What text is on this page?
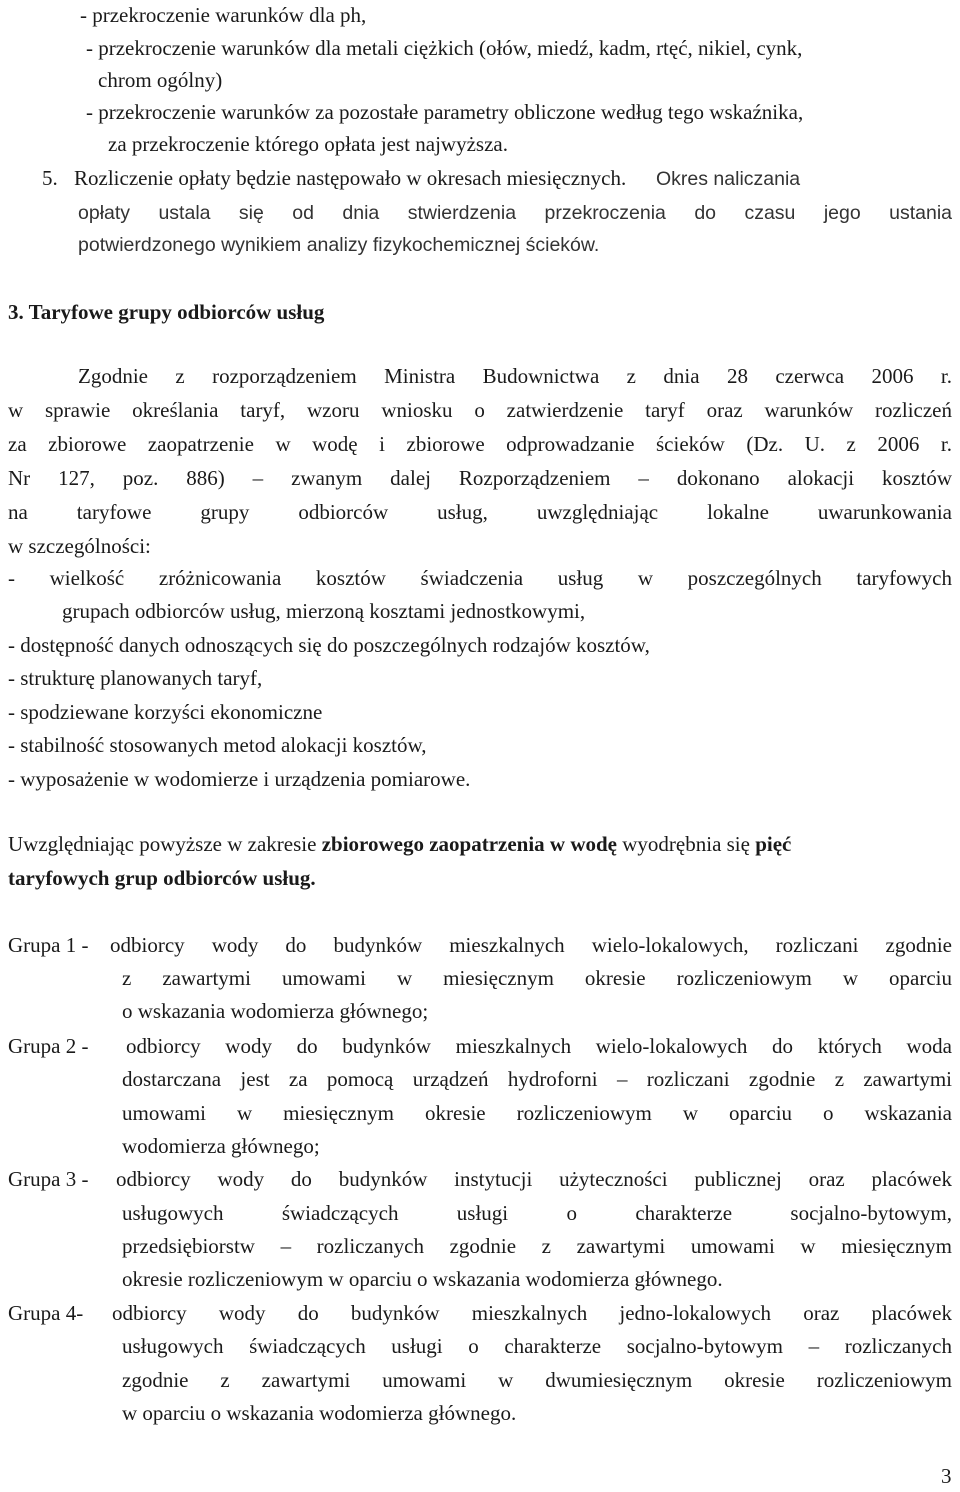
- przekroczenie warunków dla ph,
- przekroczenie warunków dla metali ciężkich (ołów, miedź, kadm, rtęć, nikiel, cynk,
chrom ogólny)
- przekroczenie warunków za pozostałe parametry obliczone według tego wskaźnika,
za przekroczenie którego opłata jest najwyższa.
5. Rozliczenie opłaty będzie następowało w okresach miesięcznych. Okres naliczania
opłaty ustala się od dnia stwierdzenia przekroczenia do czasu jego ustania
potwierdzonego wynikiem analizy fizykochemicznej ścieków.
3. Taryfowe grupy odbiorców usług
Zgodnie z rozporządzeniem Ministra Budownictwa z dnia 28 czerwca 2006 r.
w sprawie określania taryf, wzoru wniosku o zatwierdzenie taryf oraz warunków rozliczeń
za zbiorowe zaopatrzenie w wodę i zbiorowe odprowadzanie ścieków (Dz. U. z 2006 r.
Nr 127, poz. 886) – zwanym dalej Rozporządzeniem – dokonano alokacji kosztów
na taryfowe grupy odbiorców usług, uwzględniając lokalne uwarunkowania
w szczególności:
- wielkość zróżnicowania kosztów świadczenia usług w poszczególnych taryfowych
grupach odbiorców usług, mierzoną kosztami jednostkowymi,
- dostępność danych odnoszących się do poszczególnych rodzajów kosztów,
- strukturę planowanych taryf,
- spodziewane korzyści ekonomiczne
- stabilność stosowanych metod alokacji kosztów,
- wyposażenie w wodomierze i urządzenia pomiarowe.
Uwzględniając powyższe w zakresie zbiorowego zaopatrzenia w wodę wyodrębnia się pięć
taryfowych grup odbiorców usług.
Grupa 1 - odbiorcy wody do budynków mieszkalnych wielo-lokalowych, rozliczani zgodnie
z zawartymi umowami w miesięcznym okresie rozliczeniowym w oparciu
o wskazania wodomierza głównego;
Grupa 2 - odbiorcy wody do budynków mieszkalnych wielo-lokalowych do których woda
dostarczana jest za pomocą urządzeń hydroforni – rozliczani zgodnie z zawartymi
umowami w miesięcznym okresie rozliczeniowym w oparciu o wskazania
wodomierza głównego;
Grupa 3 - odbiorcy wody do budynków instytucji użyteczności publicznej oraz placówek
usługowych świadczących usługi o charakterze socjalno-bytowym,
przedsiębiorstw – rozliczanych zgodnie z zawartymi umowami w miesięcznym
okresie rozliczeniowym w oparciu o wskazania wodomierza głównego.
Grupa 4- odbiorcy wody do budynków mieszkalnych jedno-lokalowych oraz placówek
usługowych świadczących usługi o charakterze socjalno-bytowym – rozliczanych
zgodnie z zawartymi umowami w dwumiesięcznym okresie rozliczeniowym
w oparciu o wskazania wodomierza głównego.
3
